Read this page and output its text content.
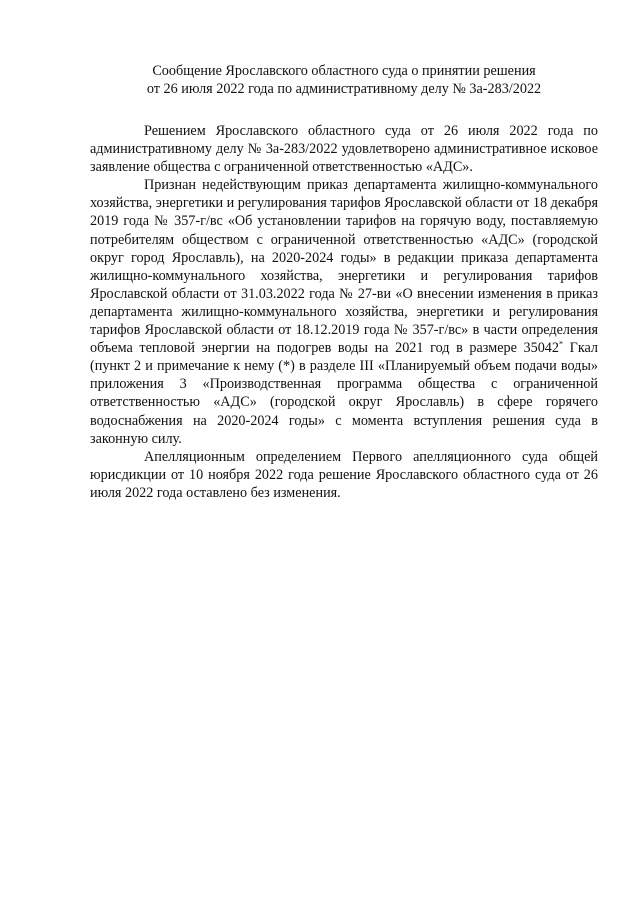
Сообщение Ярославского областного суда о принятии решения
от 26 июля 2022 года по административному делу № 3а-283/2022

Решением Ярославского областного суда от 26 июля 2022 года по административному делу № 3а-283/2022 удовлетворено административное исковое заявление общества с ограниченной ответственностью «АДС».

Признан недействующим приказ департамента жилищно-коммунального хозяйства, энергетики и регулирования тарифов Ярославской области от 18 декабря 2019 года № 357-г/вс «Об установлении тарифов на горячую воду, поставляемую потребителям обществом с ограниченной ответственностью «АДС» (городской округ город Ярославль), на 2020-2024 годы» в редакции приказа департамента жилищно-коммунального хозяйства, энергетики и регулирования тарифов Ярославской области от 31.03.2022 года № 27-ви «О внесении изменения в приказ департамента жилищно-коммунального хозяйства, энергетики и регулирования тарифов Ярославской области от 18.12.2019 года № 357-г/вс» в части определения объема тепловой энергии на подогрев воды на 2021 год в размере 35042* Гкал (пункт 2 и примечание к нему (*) в разделе III «Планируемый объем подачи воды» приложения 3 «Производственная программа общества с ограниченной ответственностью «АДС» (городской округ Ярославль) в сфере горячего водоснабжения на 2020-2024 годы» с момента вступления решения суда в законную силу.

Апелляционным определением Первого апелляционного суда общей юрисдикции от 10 ноября 2022 года решение Ярославского областного суда от 26 июля 2022 года оставлено без изменения.
